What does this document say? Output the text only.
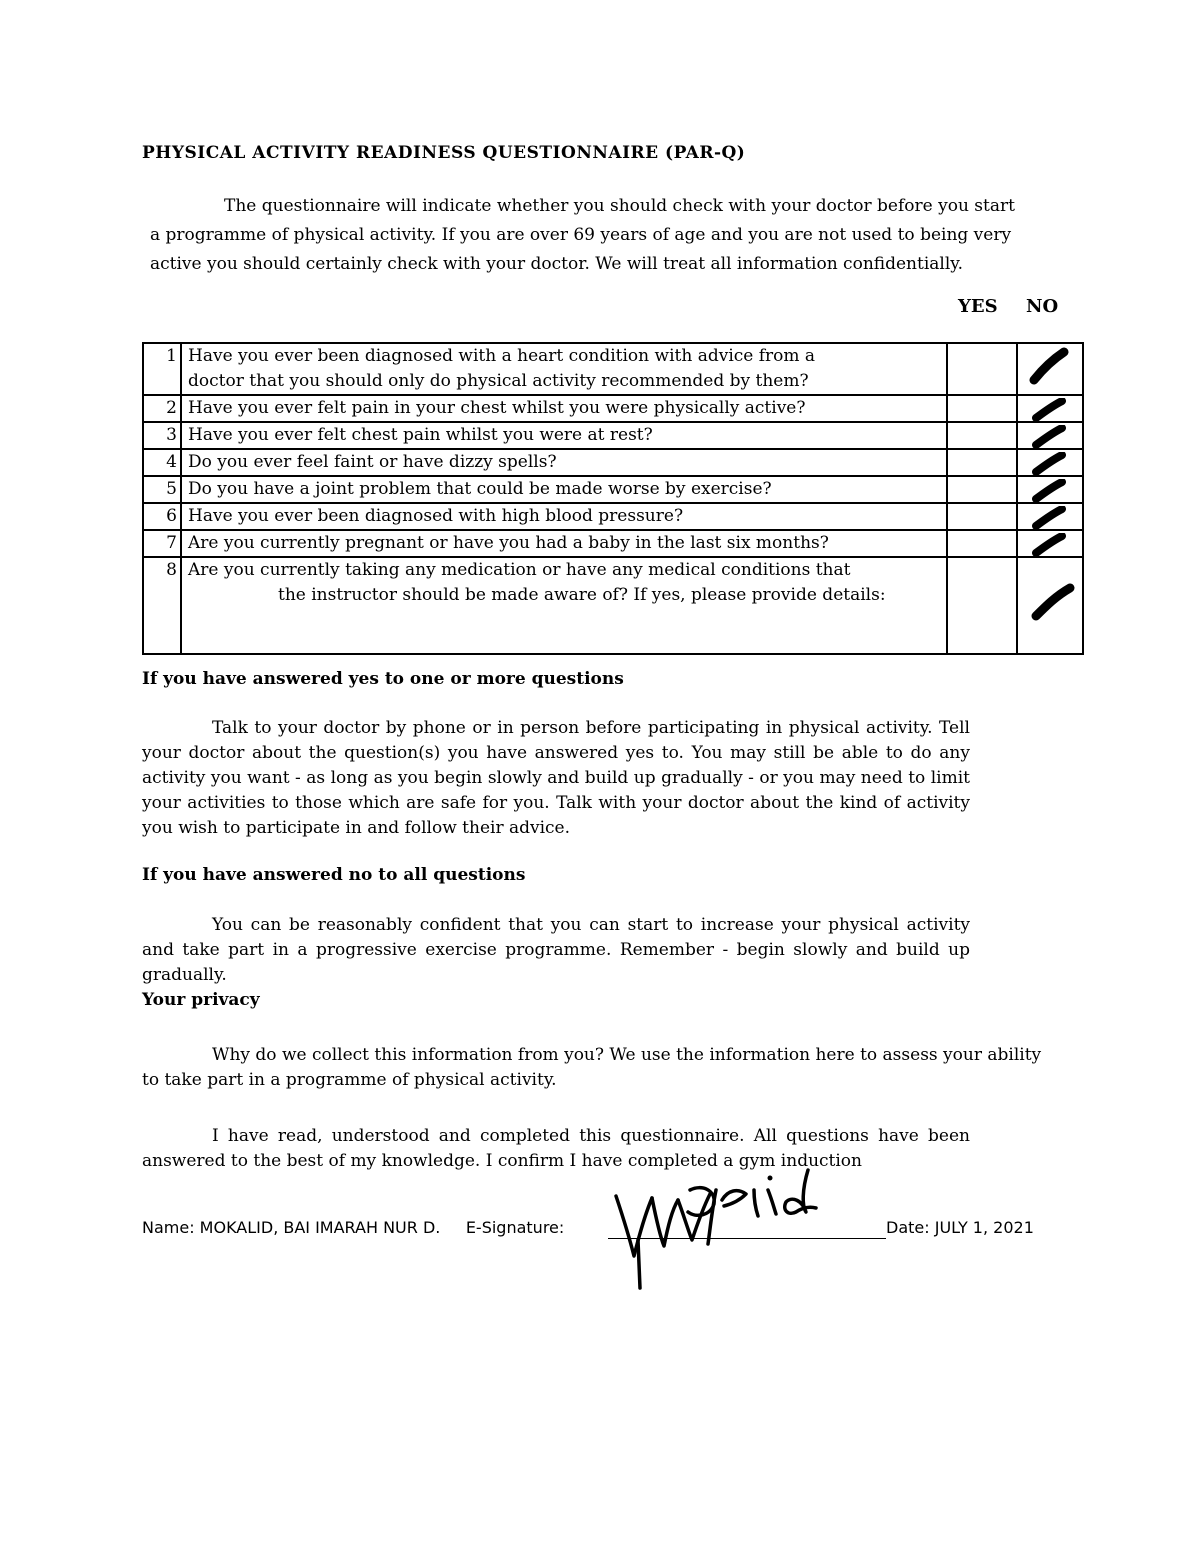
PHYSICAL ACTIVITY READINESS QUESTIONNAIRE (PAR-Q)
The questionnaire will indicate whether you should check with your doctor before you start a programme of physical activity. If you are over 69 years of age and you are not used to being very active you should certainly check with your doctor. We will treat all information confidentially.
YES NO
1	Have you ever been diagnosed with a heart condition with advice from a
doctor that you should only do physical activity recommended by them?		

2	Have you ever felt pain in your chest whilst you were physically active?		

3	Have you ever felt chest pain whilst you were at rest?		

4	Do you ever feel faint or have dizzy spells?		

5	Do you have a joint problem that could be made worse by exercise?		

6	Have you ever been diagnosed with high blood pressure?		

7	Are you currently pregnant or have you had a baby in the last six months?		

8	Are you currently taking any medication or have any medical conditions that
the instructor should be made aware of? If yes, please provide details:

If you have answered yes to one or more questions
Talk to your doctor by phone or in person before participating in physical activity. Tell your doctor about the question(s) you have answered yes to. You may still be able to do any activity you want - as long as you begin slowly and build up gradually - or you may need to limit your activities to those which are safe for you. Talk with your doctor about the kind of activity you wish to participate in and follow their advice.
If you have answered no to all questions
You can be reasonably confident that you can start to increase your physical activity and take part in a progressive exercise programme. Remember - begin slowly and build up gradually.
Your privacy
Why do we collect this information from you? We use the information here to assess your ability to take part in a programme of physical activity.
I have read, understood and completed this questionnaire. All questions have been answered to the best of my knowledge. I confirm I have completed a gym induction
Name: MOKALID, BAI IMARAH NUR D. E-Signature:	Date: JULY 1, 2021
